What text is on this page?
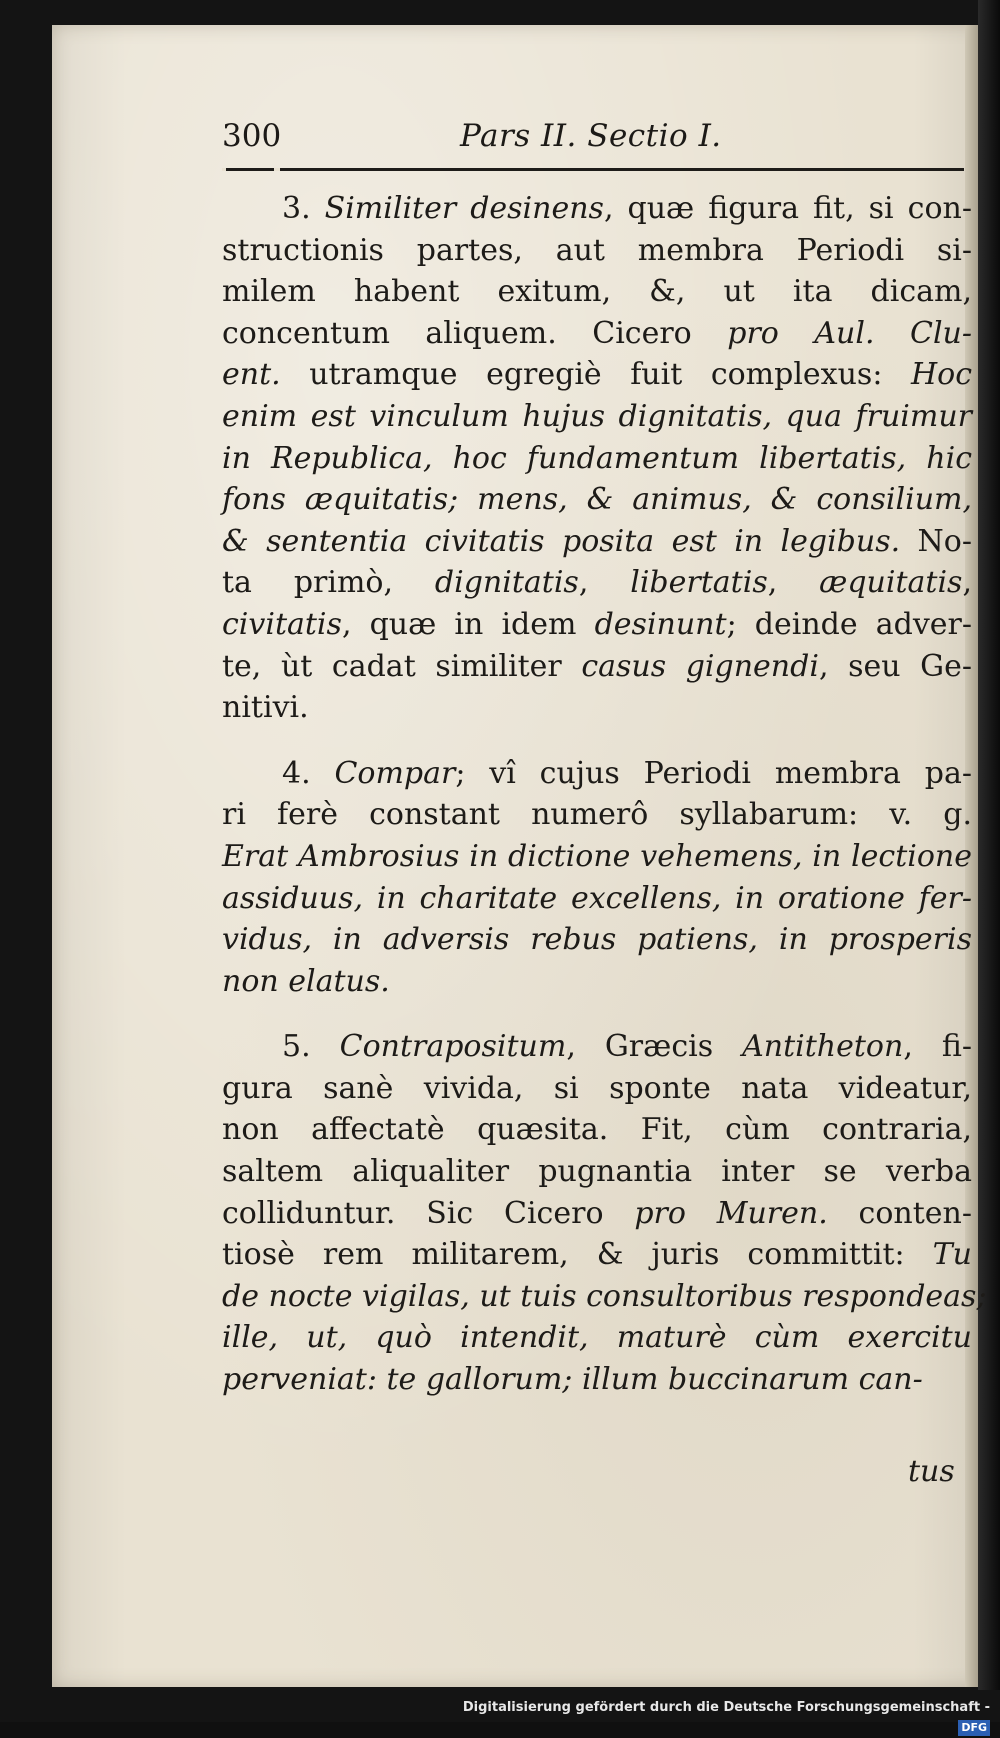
300	Pars II. Sectio I.
3. Similiter desinens, quæ figura fit, si con-
structionis partes, aut membra Periodi si-
milem habent exitum, &, ut ita dicam,
concentum aliquem. Cicero pro Aul. Clu-
ent. utramque egregiè fuit complexus: Hoc
enim est vinculum hujus dignitatis, qua fruimur
in Republica, hoc fundamentum libertatis, hic
fons æquitatis; mens, & animus, & consilium,
& sententia civitatis posita est in legibus. No-
ta primò, dignitatis, libertatis, æquitatis,
civitatis, quæ in idem desinunt; deinde adver-
te, ùt cadat similiter casus gignendi, seu Ge-
nitivi.
4. Compar; vî cujus Periodi membra pa-
ri ferè constant numerô syllabarum: v. g.
Erat Ambrosius in dictione vehemens, in lectione
assiduus, in charitate excellens, in oratione fer-
vidus, in adversis rebus patiens, in prosperis
non elatus.
5. Contrapositum, Græcis Antitheton, fi-
gura sanè vivida, si sponte nata videatur,
non affectatè quæsita. Fit, cùm contraria,
saltem aliqualiter pugnantia inter se verba
colliduntur. Sic Cicero pro Muren. conten-
tiosè rem militarem, & juris committit: Tu
de nocte vigilas, ut tuis consultoribus respondeas;
ille, ut, quò intendit, maturè cùm exercitu
perveniat: te gallorum; illum buccinarum can-
tus
Digitalisierung gefördert durch die Deutsche Forschungsgemeinschaft - DFG
